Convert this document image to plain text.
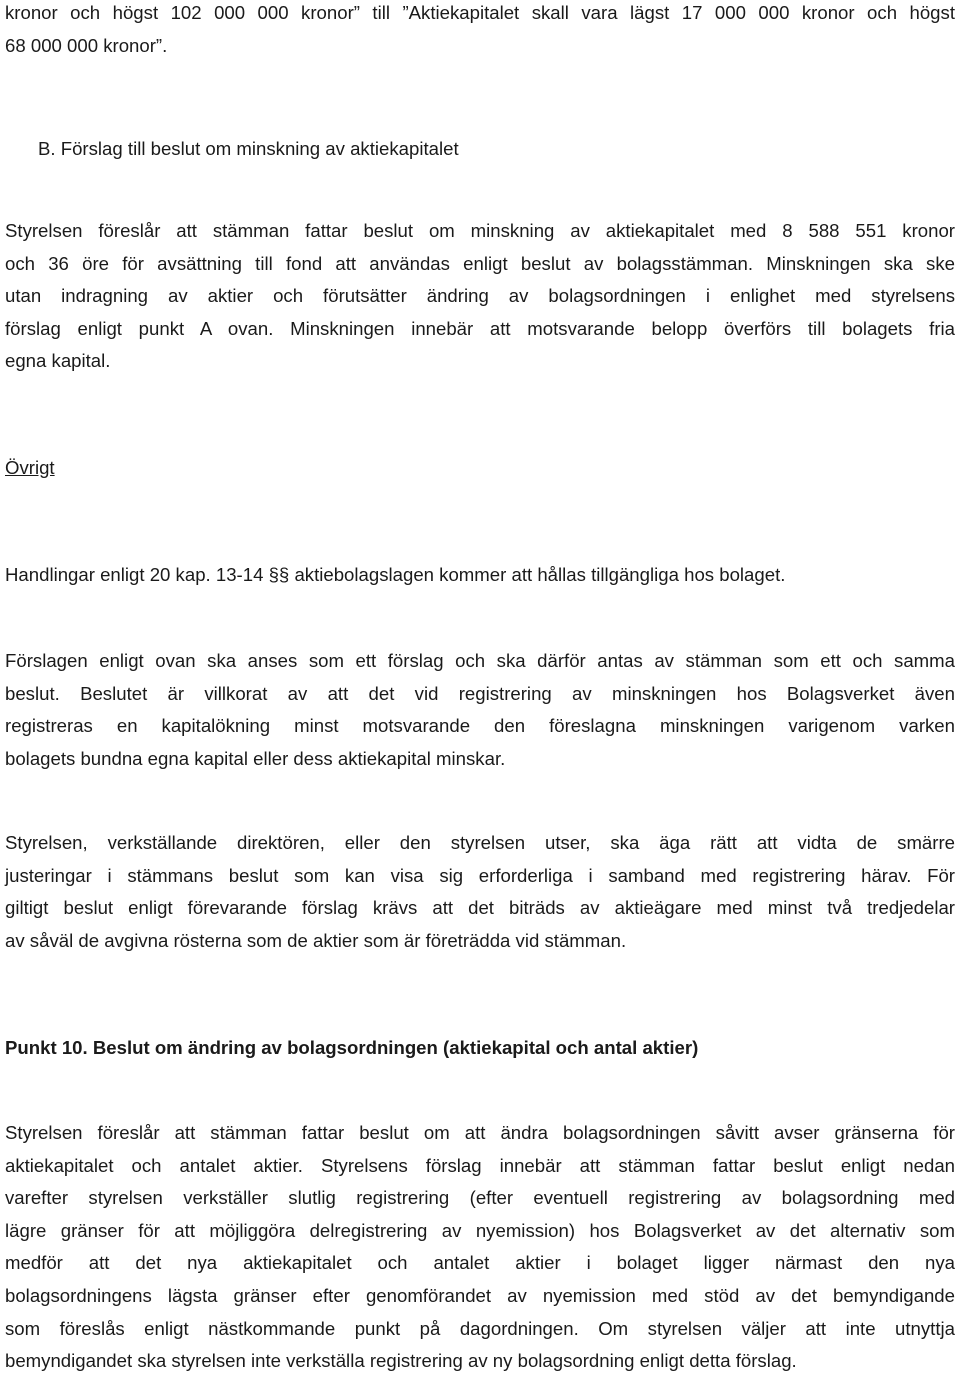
kronor och högst 102 000 000 kronor” till ”Aktiekapitalet skall vara lägst 17 000 000 kronor och högst
68 000 000 kronor”.
B. Förslag till beslut om minskning av aktiekapitalet
Styrelsen föreslår att stämman fattar beslut om minskning av aktiekapitalet med 8 588 551 kronor
och 36 öre för avsättning till fond att användas enligt beslut av bolagsstämman. Minskningen ska ske
utan indragning av aktier och förutsätter ändring av bolagsordningen i enlighet med styrelsens
förslag enligt punkt A ovan. Minskningen innebär att motsvarande belopp överförs till bolagets fria
egna kapital.
Övrigt
Handlingar enligt 20 kap. 13-14 §§ aktiebolagslagen kommer att hållas tillgängliga hos bolaget.
Förslagen enligt ovan ska anses som ett förslag och ska därför antas av stämman som ett och samma
beslut. Beslutet är villkorat av att det vid registrering av minskningen hos Bolagsverket även
registreras en kapitalökning minst motsvarande den föreslagna minskningen varigenom varken
bolagets bundna egna kapital eller dess aktiekapital minskar.
Styrelsen, verkställande direktören, eller den styrelsen utser, ska äga rätt att vidta de smärre
justeringar i stämmans beslut som kan visa sig erforderliga i samband med registrering härav. För
giltigt beslut enligt förevarande förslag krävs att det biträds av aktieägare med minst två tredjedelar
av såväl de avgivna rösterna som de aktier som är företrädda vid stämman.
Punkt 10. Beslut om ändring av bolagsordningen (aktiekapital och antal aktier)
Styrelsen föreslår att stämman fattar beslut om att ändra bolagsordningen såvitt avser gränserna för
aktiekapitalet och antalet aktier. Styrelsens förslag innebär att stämman fattar beslut enligt nedan
varefter styrelsen verkställer slutlig registrering (efter eventuell registrering av bolagsordning med
lägre gränser för att möjliggöra delregistrering av nyemission) hos Bolagsverket av det alternativ som
medför att det nya aktiekapitalet och antalet aktier i bolaget ligger närmast den nya
bolagsordningens lägsta gränser efter genomförandet av nyemission med stöd av det bemyndigande
som föreslås enligt nästkommande punkt på dagordningen. Om styrelsen väljer att inte utnyttja
bemyndigandet ska styrelsen inte verkställa registrering av ny bolagsordning enligt detta förslag.
